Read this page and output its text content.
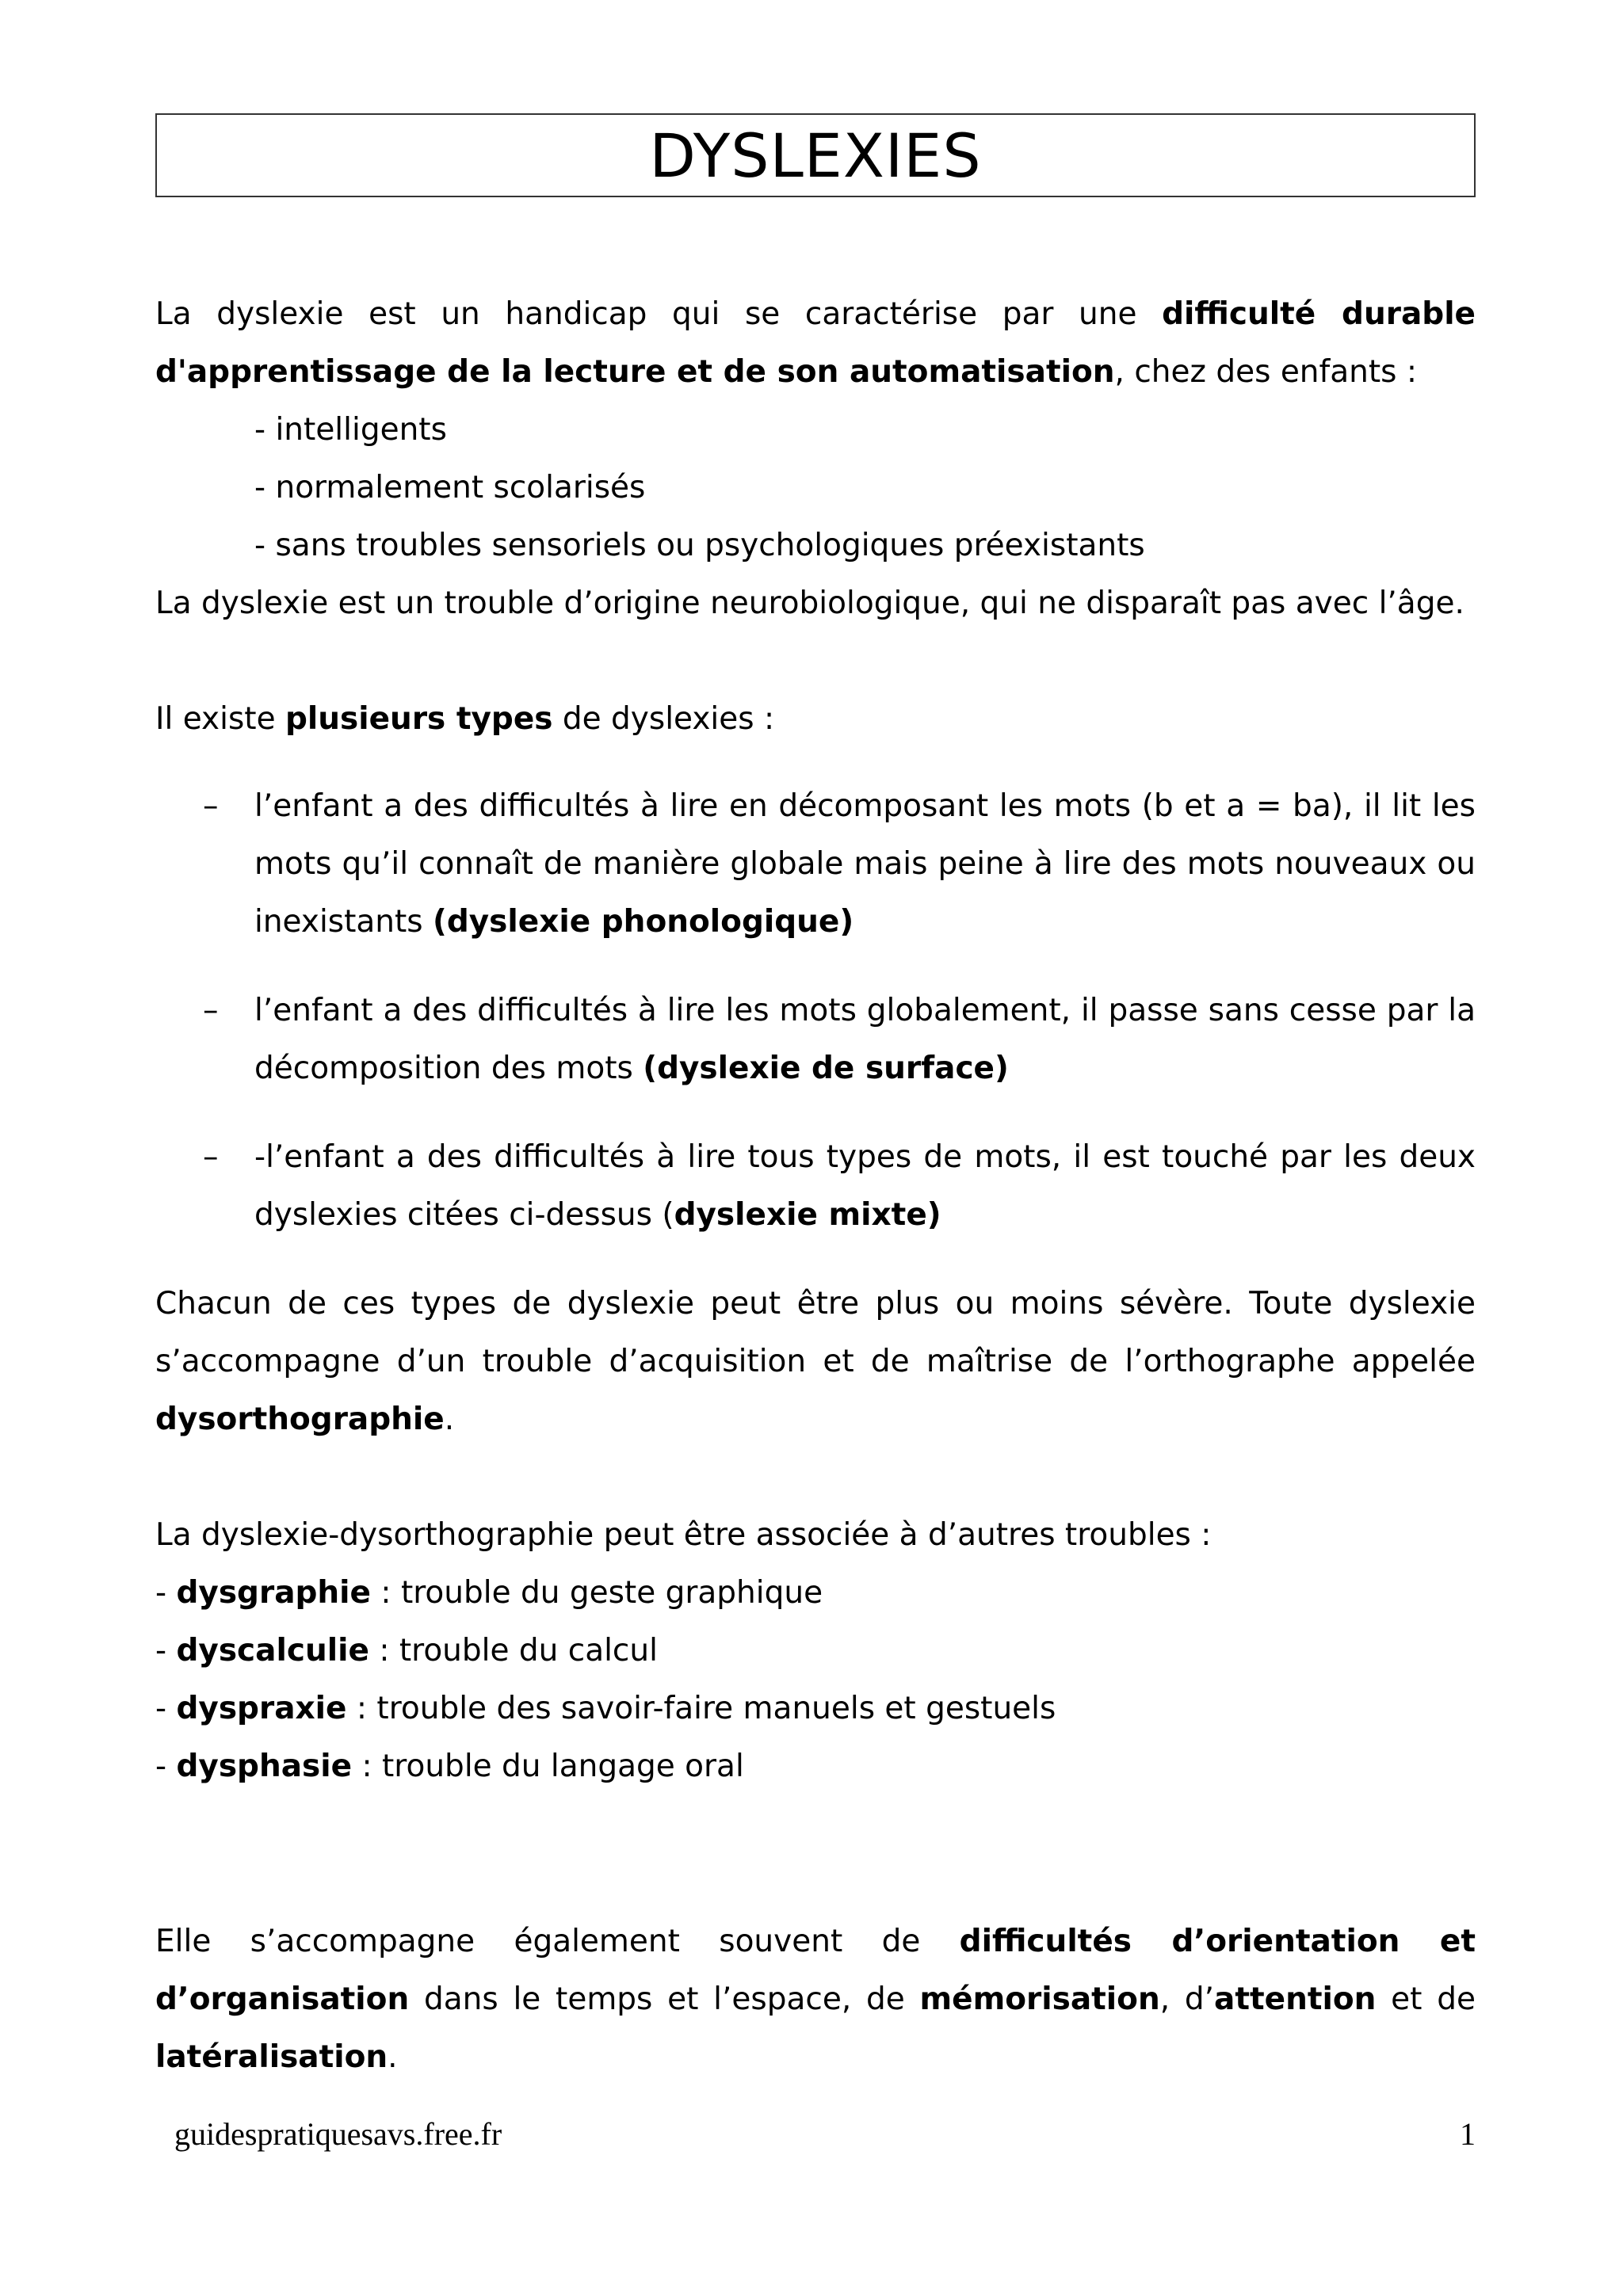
DYSLEXIES

La dyslexie est un handicap qui se caractérise par une difficulté durable d'apprentissage de la lecture et de son automatisation, chez des enfants :

- intelligents

- normalement scolarisés

- sans troubles sensoriels ou psychologiques préexistants

La dyslexie est un trouble d’origine neurobiologique, qui ne disparaît pas avec l’âge.

Il existe plusieurs types de dyslexies :

– l’enfant a des difficultés à lire en décomposant les mots (b et a = ba), il lit les mots qu’il connaît de manière globale mais peine à lire des mots nouveaux ou inexistants (dyslexie phonologique)
– l’enfant a des difficultés à lire les mots globalement, il passe sans cesse par la décomposition des mots (dyslexie de surface)
– -l’enfant a des difficultés à lire tous types de mots, il est touché par les deux dyslexies citées ci-dessus (dyslexie mixte)

Chacun de ces types de dyslexie peut être plus ou moins sévère. Toute dyslexie s’accompagne d’un trouble d’acquisition et de maîtrise de l’orthographe appelée dysorthographie.

La dyslexie-dysorthographie peut être associée à d’autres troubles :

- dysgraphie : trouble du geste graphique

- dyscalculie : trouble du calcul

- dyspraxie : trouble des savoir-faire manuels et gestuels

- dysphasie : trouble du langage oral

Elle s’accompagne également souvent de difficultés d’orientation et d’organisation dans le temps et l’espace, de mémorisation, d’attention et de latéralisation.

guidespratiquesavs.free.fr	1
